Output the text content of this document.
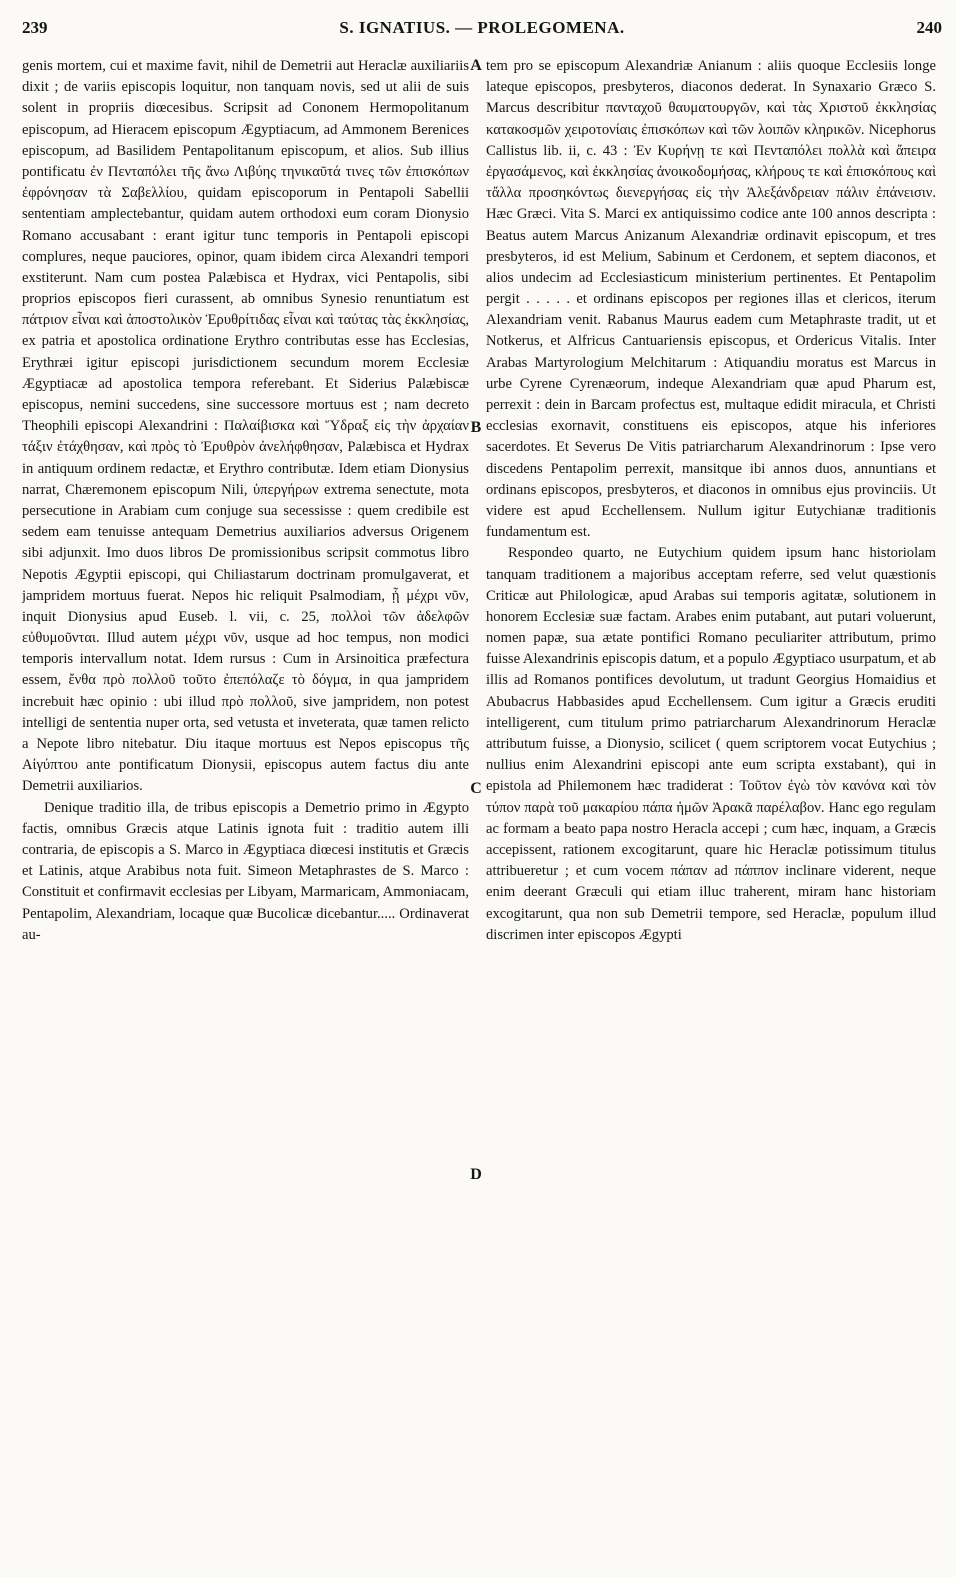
239	S. IGNATIUS. — PROLEGOMENA.	240

genis mortem, cui et maxime favit, nihil de Demetrii aut Heraclæ auxiliariis dixit ; de variis episcopis loquitur, non tanquam novis, sed ut alii de suis solent in propriis diœcesibus. Scripsit ad Cononem Hermopolitanum episcopum, ad Hieracem episcopum Ægyptiacum, ad Ammonem Berenices episcopum, ad Basilidem Pentapolitanum episcopum, et alios. Sub illius pontificatu ἐν Πενταπόλει τῆς ἄνω Λιβύης τηνικαῦτά τινες τῶν ἐπισκόπων ἐφρόνησαν τὰ Σαβελλίου, quidam episcoporum in Pentapoli Sabellii sententiam amplectebantur, quidam autem orthodoxi eum coram Dionysio Romano accusabant : erant igitur tunc temporis in Pentapoli episcopi complures, neque pauciores, opinor, quam ibidem circa Alexandri tempori exstiterunt. Nam cum postea Palæbisca et Hydrax, vici Pentapolis, sibi proprios episcopos fieri curassent, ab omnibus Synesio renuntiatum est πάτριον εἶναι καὶ ἀποστολικὸν Ἐρυθρίτιδας εἶναι καὶ ταύτας τὰς ἐκκλησίας, ex patria et apostolica ordinatione Erythro contributas esse has Ecclesias, Erythræi igitur episcopi jurisdictionem secundum morem Ecclesiæ Ægyptiacæ ad apostolica tempora referebant. Et Siderius Palæbiscæ episcopus, nemini succedens, sine successore mortuus est ; nam decreto Theophili episcopi Alexandrini : Παλαίβισκα καὶ Ὕδραξ εἰς τὴν ἀρχαίαν τάξιν ἐτάχθησαν, καὶ πρὸς τὸ Ἐρυθρὸν ἀνελήφθησαν, Palæbisca et Hydrax in antiquum ordinem redactæ, et Erythro contributæ. Idem etiam Dionysius narrat, Chæremonem episcopum Nili, ὑπεργήρων extrema senectute, mota persecutione in Arabiam cum conjuge sua secessisse : quem credibile est sedem eam tenuisse antequam Demetrius auxiliarios adversus Origenem sibi adjunxit. Imo duos libros De promissionibus scripsit commotus libro Nepotis Ægyptii episcopi, qui Chiliastarum doctrinam promulgaverat, et jampridem mortuus fuerat. Nepos hic reliquit Psalmodiam, ᾗ μέχρι νῦν, inquit Dionysius apud Euseb. l. vii, c. 25, πολλοὶ τῶν ἀδελφῶν εὐθυμοῦνται. Illud autem μέχρι νῦν, usque ad hoc tempus, non modici temporis intervallum notat. Idem rursus : Cum in Arsinoitica præfectura essem, ἔνθα πρὸ πολλοῦ τοῦτο ἐπεπόλαζε τὸ δόγμα, in qua jampridem increbuit hæc opinio : ubi illud πρὸ πολλοῦ, sive jampridem, non potest intelligi de sententia nuper orta, sed vetusta et inveterata, quæ tamen relicto a Nepote libro nitebatur. Diu itaque mortuus est Nepos episcopus τῆς Αἰγύπτου ante pontificatum Dionysii, episcopus autem factus diu ante Demetrii auxiliarios.

Denique traditio illa, de tribus episcopis a Demetrio primo in Ægypto factis, omnibus Græcis atque Latinis ignota fuit : traditio autem illi contraria, de episcopis a S. Marco in Ægyptiaca diœcesi institutis et Græcis et Latinis, atque Arabibus nota fuit. Simeon Metaphrastes de S. Marco : Constituit et confirmavit ecclesias per Libyam, Marmaricam, Ammoniacam, Pentapolim, Alexandriam, locaque quæ Bucolicæ dicebantur..... Ordinaverat au-

A
B
C
D

tem pro se episcopum Alexandriæ Anianum : aliis quoque Ecclesiis longe lateque episcopos, presbyteros, diaconos dederat. In Synaxario Græco S. Marcus describitur πανταχοῦ θαυματουργῶν, καὶ τὰς Χριστοῦ ἐκκλησίας κατακοσμῶν χειροτονίαις ἐπισκόπων καὶ τῶν λοιπῶν κληρικῶν. Nicephorus Callistus lib. ii, c. 43 : Ἐν Κυρήνῃ τε καὶ Πενταπόλει πολλὰ καὶ ἄπειρα ἐργασάμενος, καὶ ἐκκλησίας ἀνοικοδομήσας, κλήρους τε καὶ ἐπισκόπους καὶ τἄλλα προσηκόντως διενεργήσας εἰς τὴν Ἀλεξάνδρειαν πάλιν ἐπάνεισιν. Hæc Græci. Vita S. Marci ex antiquissimo codice ante 100 annos descripta : Beatus autem Marcus Anizanum Alexandriæ ordinavit episcopum, et tres presbyteros, id est Melium, Sabinum et Cerdonem, et septem diaconos, et alios undecim ad Ecclesiasticum ministerium pertinentes. Et Pentapolim pergit . . . . . et ordinans episcopos per regiones illas et clericos, iterum Alexandriam venit. Rabanus Maurus eadem cum Metaphraste tradit, ut et Notkerus, et Alfricus Cantuariensis episcopus, et Ordericus Vitalis. Inter Arabas Martyrologium Melchitarum : Atiquandiu moratus est Marcus in urbe Cyrene Cyrenæorum, indeque Alexandriam quæ apud Pharum est, perrexit : dein in Barcam profectus est, multaque edidit miracula, et Christi ecclesias exornavit, constituens eis episcopos, atque his inferiores sacerdotes. Et Severus De Vitis patriarcharum Alexandrinorum : Ipse vero discedens Pentapolim perrexit, mansitque ibi annos duos, annuntians et ordinans episcopos, presbyteros, et diaconos in omnibus ejus provinciis. Ut videre est apud Ecchellensem. Nullum igitur Eutychianæ traditionis fundamentum est.

Respondeo quarto, ne Eutychium quidem ipsum hanc historiolam tanquam traditionem a majoribus acceptam referre, sed velut quæstionis Criticæ aut Philologicæ, apud Arabas sui temporis agitatæ, solutionem in honorem Ecclesiæ suæ factam. Arabes enim putabant, aut putari voluerunt, nomen papæ, sua ætate pontifici Romano peculiariter attributum, primo fuisse Alexandrinis episcopis datum, et a populo Ægyptiaco usurpatum, et ab illis ad Romanos pontifices devolutum, ut tradunt Georgius Homaidius et Abubacrus Habbasides apud Ecchellensem. Cum igitur a Græcis eruditi intelligerent, cum titulum primo patriarcharum Alexandrinorum Heraclæ attributum fuisse, a Dionysio, scilicet ( quem scriptorem vocat Eutychius ; nullius enim Alexandrini episcopi ante eum scripta exstabant), qui in epistola ad Philemonem hæc tradiderat : Τοῦτον ἐγὼ τὸν κανόνα καὶ τὸν τύπον παρὰ τοῦ μακαρίου πάπα ἡμῶν Ἀρακᾶ παρέλαβον. Hanc ego regulam ac formam a beato papa nostro Heracla accepi ; cum hæc, inquam, a Græcis accepissent, rationem excogitarunt, quare hic Heraclæ potissimum titulus attribueretur ; et cum vocem πάπαν ad πάππον inclinare viderent, neque enim deerant Græculi qui etiam illuc traherent, miram hanc historiam excogitarunt, qua non sub Demetrii tempore, sed Heraclæ, populum illud discrimen inter episcopos Ægypti
